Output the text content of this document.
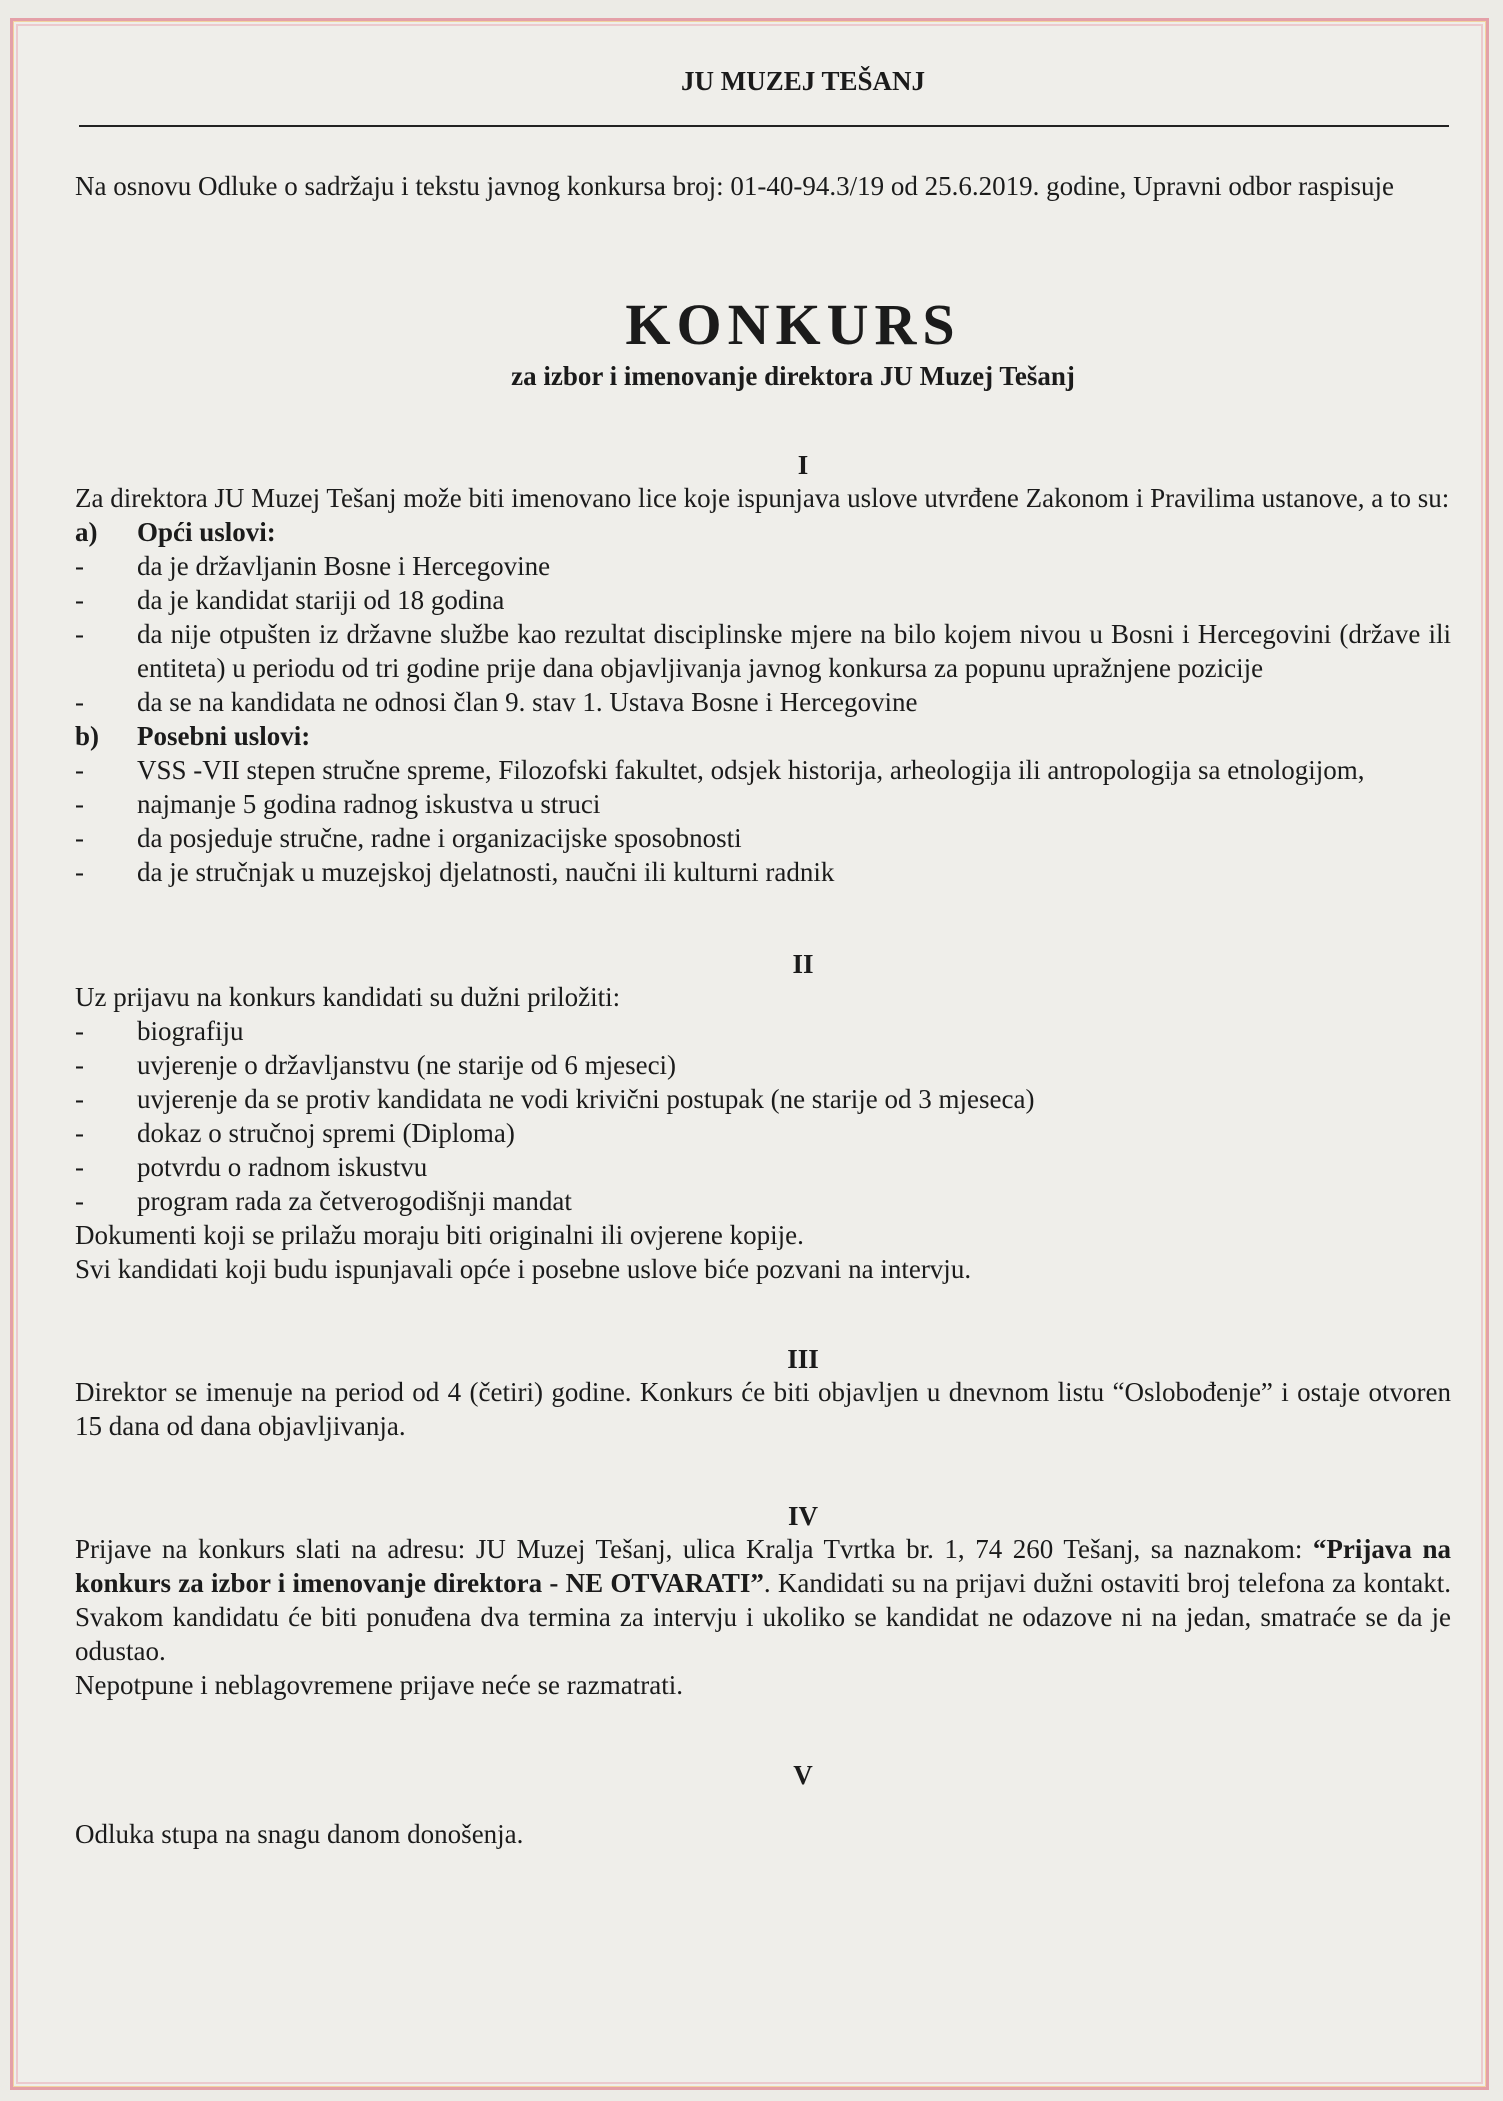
JU MUZEJ TEŠANJ

Na osnovu Odluke o sadržaju i tekstu javnog konkursa broj: 01-40-94.3/19 od 25.6.2019. godine, Upravni odbor raspisuje

KONKURS
za izbor i imenovanje direktora JU Muzej Tešanj
I

Za direktora JU Muzej Tešanj može biti imenovano lice koje ispunjava uslove utvrđene Zakonom i Pravilima ustanove, a to su:

a)	Opći uslovi:
-	da je državljanin Bosne i Hercegovine
-	da je kandidat stariji od 18 godina
-	da nije otpušten iz državne službe kao rezultat disciplinske mjere na bilo kojem nivou u Bosni i Hercegovini (države ili entiteta) u periodu od tri godine prije dana objavljivanja javnog konkursa za popunu upražnjene pozicije
-	da se na kandidata ne odnosi član 9. stav 1. Ustava Bosne i Hercegovine
b)	Posebni uslovi:
-	VSS -VII stepen stručne spreme, Filozofski fakultet, odsjek historija, arheologija ili antropologija sa etnologijom,
-	najmanje 5 godina radnog iskustva u struci
-	da posjeduje stručne, radne i organizacijske sposobnosti
-	da je stručnjak u muzejskoj djelatnosti, naučni ili kulturni radnik
II

Uz prijavu na konkurs kandidati su dužni priložiti:

-	biografiju
-	uvjerenje o državljanstvu (ne starije od 6 mjeseci)
-	uvjerenje da se protiv kandidata ne vodi krivični postupak (ne starije od 3 mjeseca)
-	dokaz o stručnoj spremi (Diploma)
-	potvrdu o radnom iskustvu
-	program rada za četverogodišnji mandat

Dokumenti koji se prilažu moraju biti originalni ili ovjerene kopije.

Svi kandidati koji budu ispunjavali opće i posebne uslove biće pozvani na intervju.

III

Direktor se imenuje na period od 4 (četiri) godine. Konkurs će biti objavljen u dnevnom listu “Oslobođenje” i ostaje otvoren 15 dana od dana objavljivanja.

IV

Prijave na konkurs slati na adresu: JU Muzej Tešanj, ulica Kralja Tvrtka br. 1, 74 260 Tešanj, sa naznakom: “Prijava na konkurs za izbor i imenovanje direktora - NE OTVARATI”. Kandidati su na prijavi dužni ostaviti broj telefona za kontakt. Svakom kandidatu će biti ponuđena dva termina za intervju i ukoliko se kandidat ne odazove ni na jedan, smatraće se da je odustao.

Nepotpune i neblagovremene prijave neće se razmatrati.

V

Odluka stupa na snagu danom donošenja.
